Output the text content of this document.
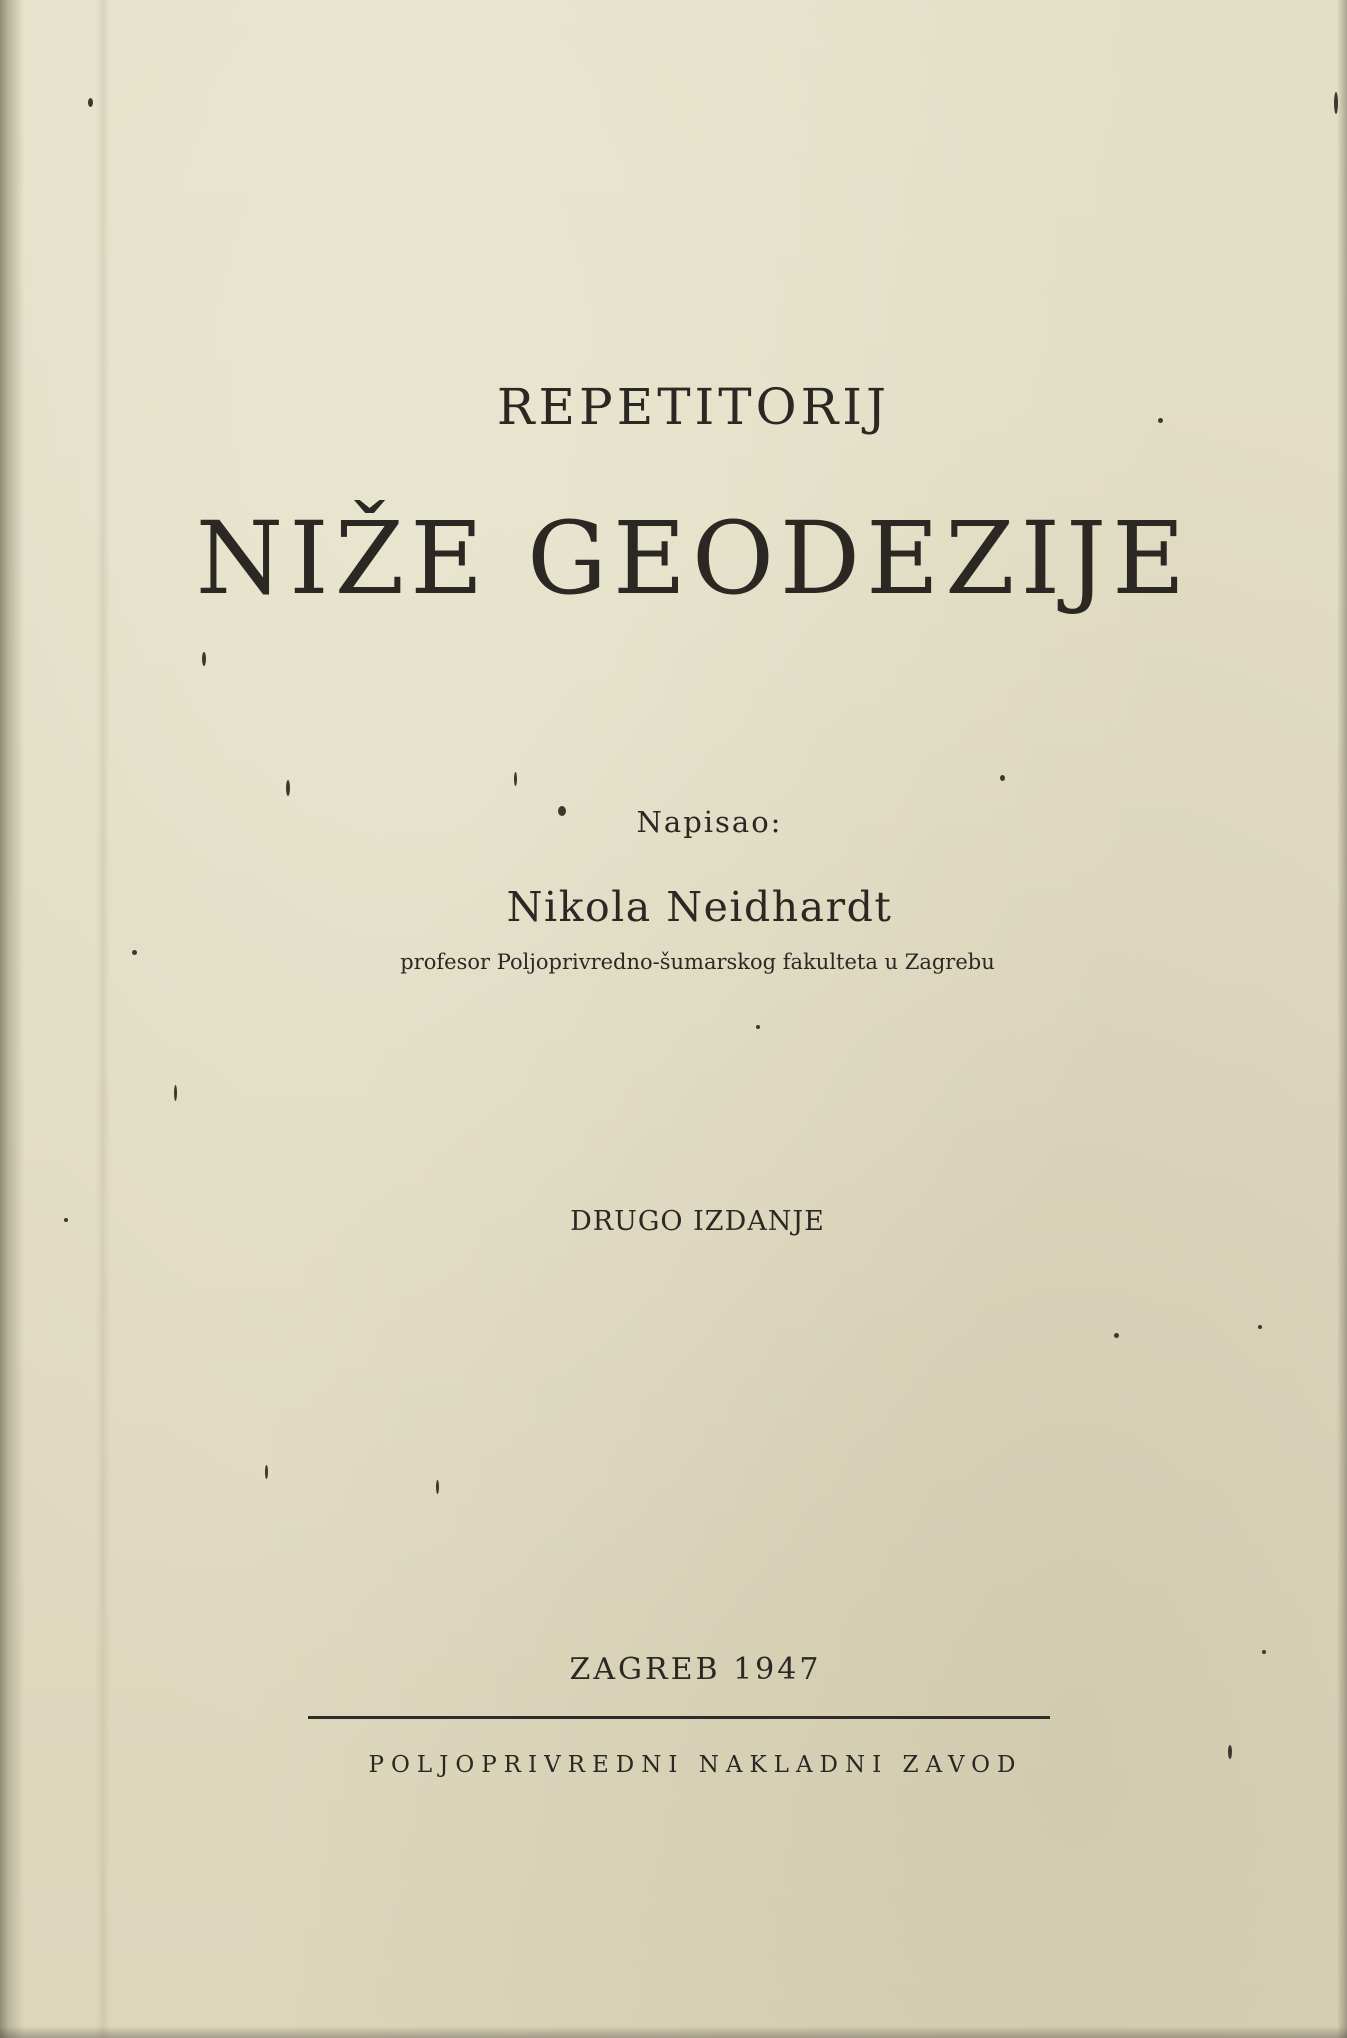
REPETITORIJ
NIŽE GEODEZIJE
Napisao:
Nikola Neidhardt
profesor Poljoprivredno-šumarskog fakulteta u Zagrebu
DRUGO IZDANJE
ZAGREB 1947
POLJOPRIVREDNI NAKLADNI ZAVOD
